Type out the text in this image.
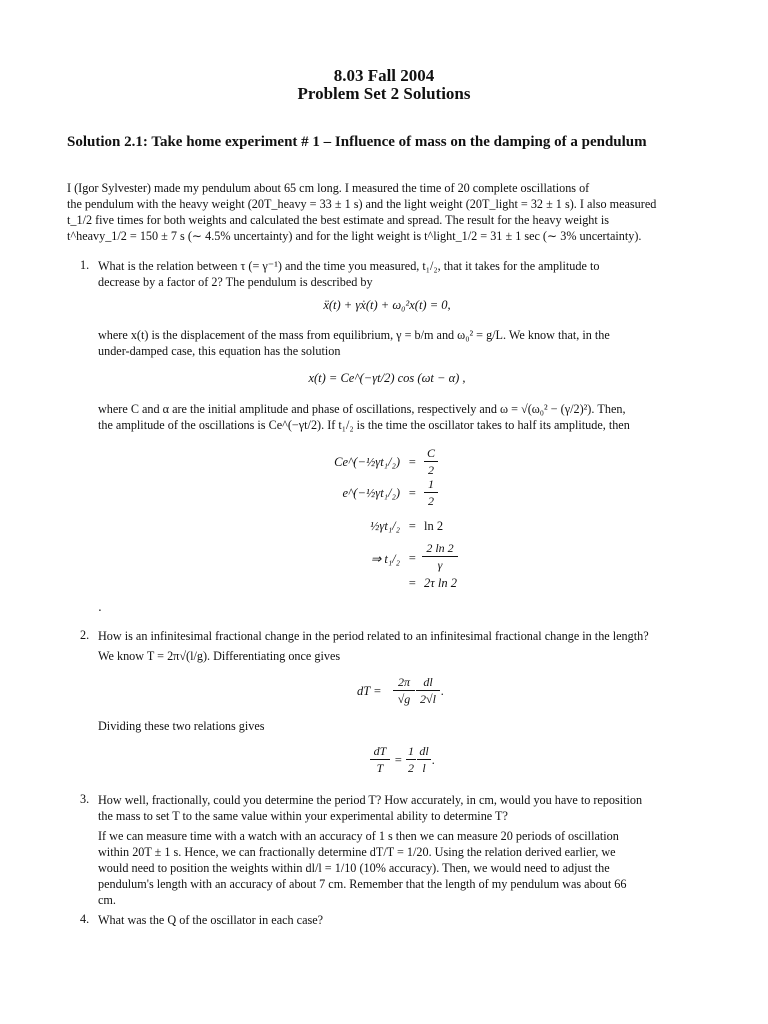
8.03 Fall 2004
Problem Set 2 Solutions
Solution 2.1: Take home experiment # 1 – Influence of mass on the damping of a pendulum
I (Igor Sylvester) made my pendulum about 65 cm long. I measured the time of 20 complete oscillations of
the pendulum with the heavy weight (20T_heavy = 33 ± 1 s) and the light weight (20T_light = 32 ± 1 s). I also measured
t_1/2 five times for both weights and calculated the best estimate and spread. The result for the heavy weight is
t^heavy_1/2 = 150 ± 7 s (∼ 4.5% uncertainty) and for the light weight is t^light_1/2 = 31 ± 1 sec (∼ 3% uncertainty).
1. What is the relation between τ (= γ⁻¹) and the time you measured, t₁/₂, that it takes for the amplitude to
decrease by a factor of 2? The pendulum is described by
ẍ(t) + γẋ(t) + ω₀²x(t) = 0,
where x(t) is the displacement of the mass from equilibrium, γ = b/m and ω₀² = g/L. We know that, in the
under-damped case, this equation has the solution
x(t) = Ce^(−γt/2) cos (ωt − α) ,
where C and α are the initial amplitude and phase of oscillations, respectively and ω = √(ω₀² − (γ/2)²). Then,
the amplitude of the oscillations is Ce^(−γt/2). If t₁/₂ is the time the oscillator takes to half its amplitude, then
Ce^(−½γt₁/₂) =
C
2
e^(−½γt₁/₂) =
1
2
½γt₁/₂ = ln 2
⇒ t₁/₂ =
2 ln 2
γ
= 2τ ln 2
.
2. How is an infinitesimal fractional change in the period related to an infinitesimal fractional change in the length?
We know T = 2π√(l/g). Differentiating once gives
dT =
2π
√g
dl
2√l
.
Dividing these two relations gives
dT
T
=
1
2
dl
l
.
3. How well, fractionally, could you determine the period T? How accurately, in cm, would you have to reposition
the mass to set T to the same value within your experimental ability to determine T?
If we can measure time with a watch with an accuracy of 1 s then we can measure 20 periods of oscillation
within 20T ± 1 s. Hence, we can fractionally determine dT/T = 1/20. Using the relation derived earlier, we
would need to position the weights within dl/l = 1/10 (10% accuracy). Then, we would need to adjust the
pendulum's length with an accuracy of about 7 cm. Remember that the length of my pendulum was about 66
cm.
4. What was the Q of the oscillator in each case?
